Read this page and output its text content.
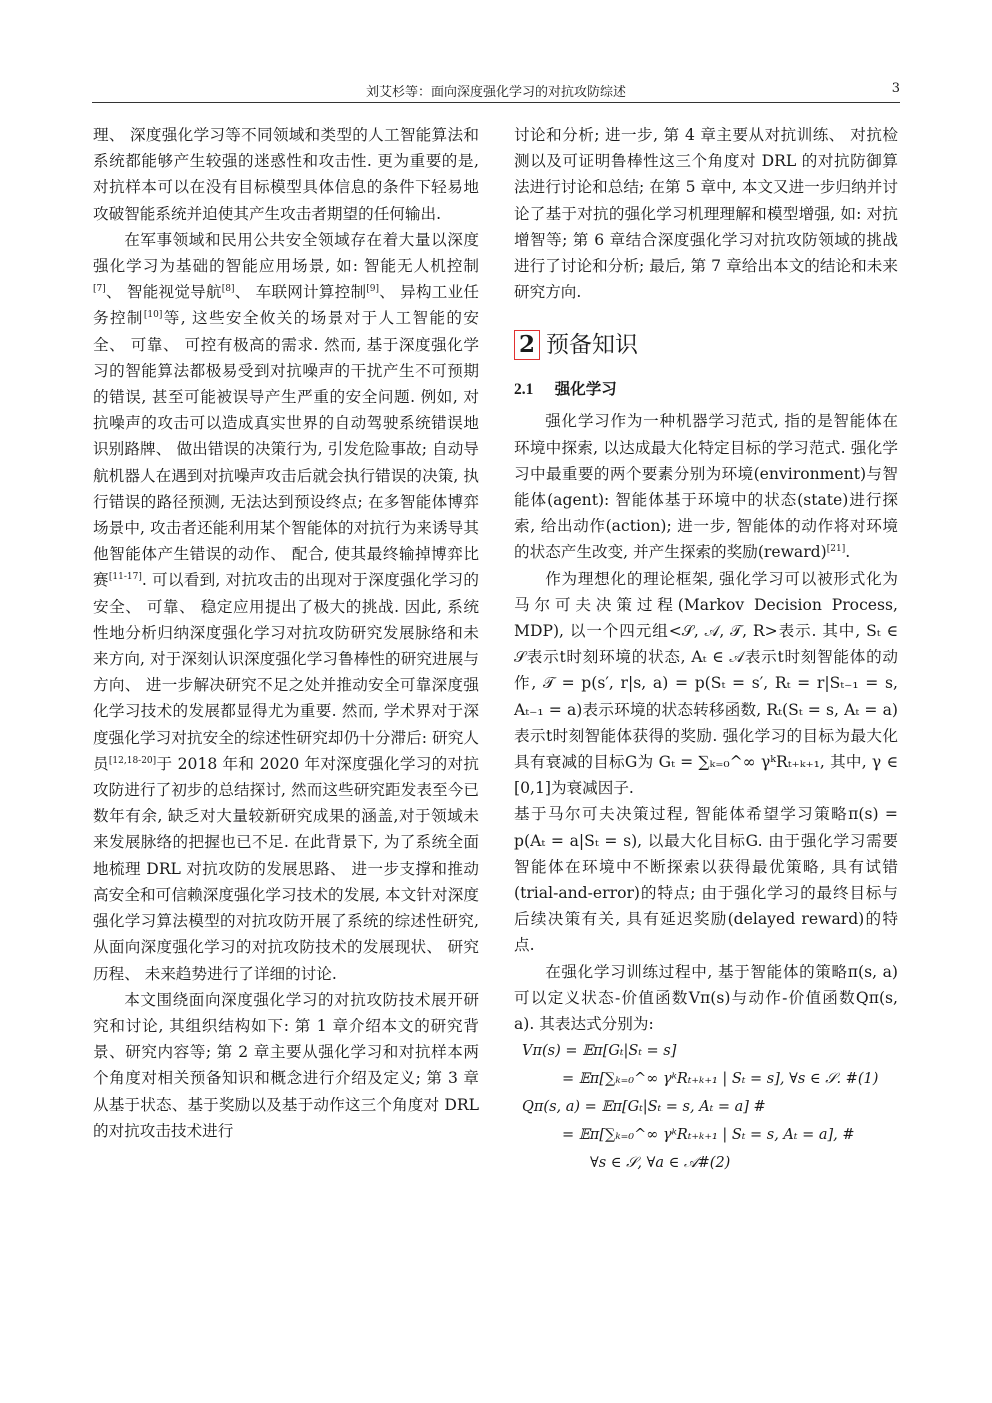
刘艾杉等：面向深度强化学习的对抗攻防综述	3

理、 深度强化学习等不同领域和类型的人工智能算法和系统都能够产生较强的迷惑性和攻击性. 更为重要的是, 对抗样本可以在没有目标模型具体信息的条件下轻易地攻破智能系统并迫使其产生攻击者期望的任何输出.

在军事领域和民用公共安全领域存在着大量以深度强化学习为基础的智能应用场景, 如: 智能无人机控制[7]、 智能视觉导航[8]、 车联网计算控制[9]、 异构工业任务控制[10]等, 这些安全攸关的场景对于人工智能的安全、 可靠、 可控有极高的需求. 然而, 基于深度强化学习的智能算法都极易受到对抗噪声的干扰产生不可预期的错误, 甚至可能被误导产生严重的安全问题. 例如, 对抗噪声的攻击可以造成真实世界的自动驾驶系统错误地识别路牌、 做出错误的决策行为, 引发危险事故; 自动导航机器人在遇到对抗噪声攻击后就会执行错误的决策, 执行错误的路径预测, 无法达到预设终点; 在多智能体博弈场景中, 攻击者还能利用某个智能体的对抗行为来诱导其他智能体产生错误的动作、 配合, 使其最终输掉博弈比赛[11-17]. 可以看到, 对抗攻击的出现对于深度强化学习的安全、 可靠、 稳定应用提出了极大的挑战. 因此, 系统性地分析归纳深度强化学习对抗攻防研究发展脉络和未来方向, 对于深刻认识深度强化学习鲁棒性的研究进展与方向、 进一步解决研究不足之处并推动安全可靠深度强化学习技术的发展都显得尤为重要. 然而, 学术界对于深度强化学习对抗安全的综述性研究却仍十分滞后: 研究人员[12,18-20]于 2018 年和 2020 年对深度强化学习的对抗攻防进行了初步的总结探讨, 然而这些研究距发表至今已数年有余, 缺乏对大量较新研究成果的涵盖,对于领域未来发展脉络的把握也已不足. 在此背景下, 为了系统全面地梳理 DRL 对抗攻防的发展思路、 进一步支撑和推动高安全和可信赖深度强化学习技术的发展, 本文针对深度强化学习算法模型的对抗攻防开展了系统的综述性研究, 从面向深度强化学习的对抗攻防技术的发展现状、 研究历程、 未来趋势进行了详细的讨论.

本文围绕面向深度强化学习的对抗攻防技术展开研究和讨论, 其组织结构如下: 第 1 章介绍本文的研究背景、研究内容等; 第 2 章主要从强化学习和对抗样本两个角度对相关预备知识和概念进行介绍及定义; 第 3 章从基于状态、基于奖励以及基于动作这三个角度对 DRL 的对抗攻击技术进行

讨论和分析; 进一步, 第 4 章主要从对抗训练、 对抗检测以及可证明鲁棒性这三个角度对 DRL 的对抗防御算法进行讨论和总结; 在第 5 章中, 本文又进一步归纳并讨论了基于对抗的强化学习机理理解和模型增强, 如: 对抗增智等; 第 6 章结合深度强化学习对抗攻防领域的挑战进行了讨论和分析; 最后, 第 7 章给出本文的结论和未来研究方向.

2 预备知识
2.1 强化学习

强化学习作为一种机器学习范式, 指的是智能体在环境中探索, 以达成最大化特定目标的学习范式. 强化学习中最重要的两个要素分别为环境(environment)与智能体(agent): 智能体基于环境中的状态(state)进行探索, 给出动作(action); 进一步, 智能体的动作将对环境的状态产生改变, 并产生探索的奖励(reward)[21].

作为理想化的理论框架, 强化学习可以被形式化为马尔可夫决策过程(Markov Decision Process, MDP), 以一个四元组<𝒮, 𝒜, 𝒯, R>表示. 其中, Sₜ ∈ 𝒮表示t时刻环境的状态, Aₜ ∈ 𝒜表示t时刻智能体的动作, 𝒯 = p(s′, r|s, a) = p(Sₜ = s′, Rₜ = r|Sₜ₋₁ = s, Aₜ₋₁ = a)表示环境的状态转移函数, Rₜ(Sₜ = s, Aₜ = a)表示t时刻智能体获得的奖励. 强化学习的目标为最大化具有衰减的目标G为 Gₜ = ∑ₖ₌₀^∞ γᵏRₜ₊ₖ₊₁, 其中, γ ∈ [0,1]为衰减因子.

基于马尔可夫决策过程, 智能体希望学习策略π(s) = p(Aₜ = a|Sₜ = s), 以最大化目标G. 由于强化学习需要智能体在环境中不断探索以获得最优策略, 具有试错(trial-and-error)的特点; 由于强化学习的最终目标与后续决策有关, 具有延迟奖励(delayed reward)的特点.

在强化学习训练过程中, 基于智能体的策略π(s, a)可以定义状态-价值函数Vπ(s)与动作-价值函数Qπ(s, a). 其表达式分别为:

Vπ(s) = 𝔼π[Gₜ|Sₜ = s]
= 𝔼π[∑ₖ₌₀^∞ γᵏRₜ₊ₖ₊₁ | Sₜ = s], ∀s ∈ 𝒮. #(1)
Qπ(s, a) = 𝔼π[Gₜ|Sₜ = s, Aₜ = a] #
= 𝔼π[∑ₖ₌₀^∞ γᵏRₜ₊ₖ₊₁ | Sₜ = s, Aₜ = a], #
∀s ∈ 𝒮, ∀a ∈ 𝒜#(2)
